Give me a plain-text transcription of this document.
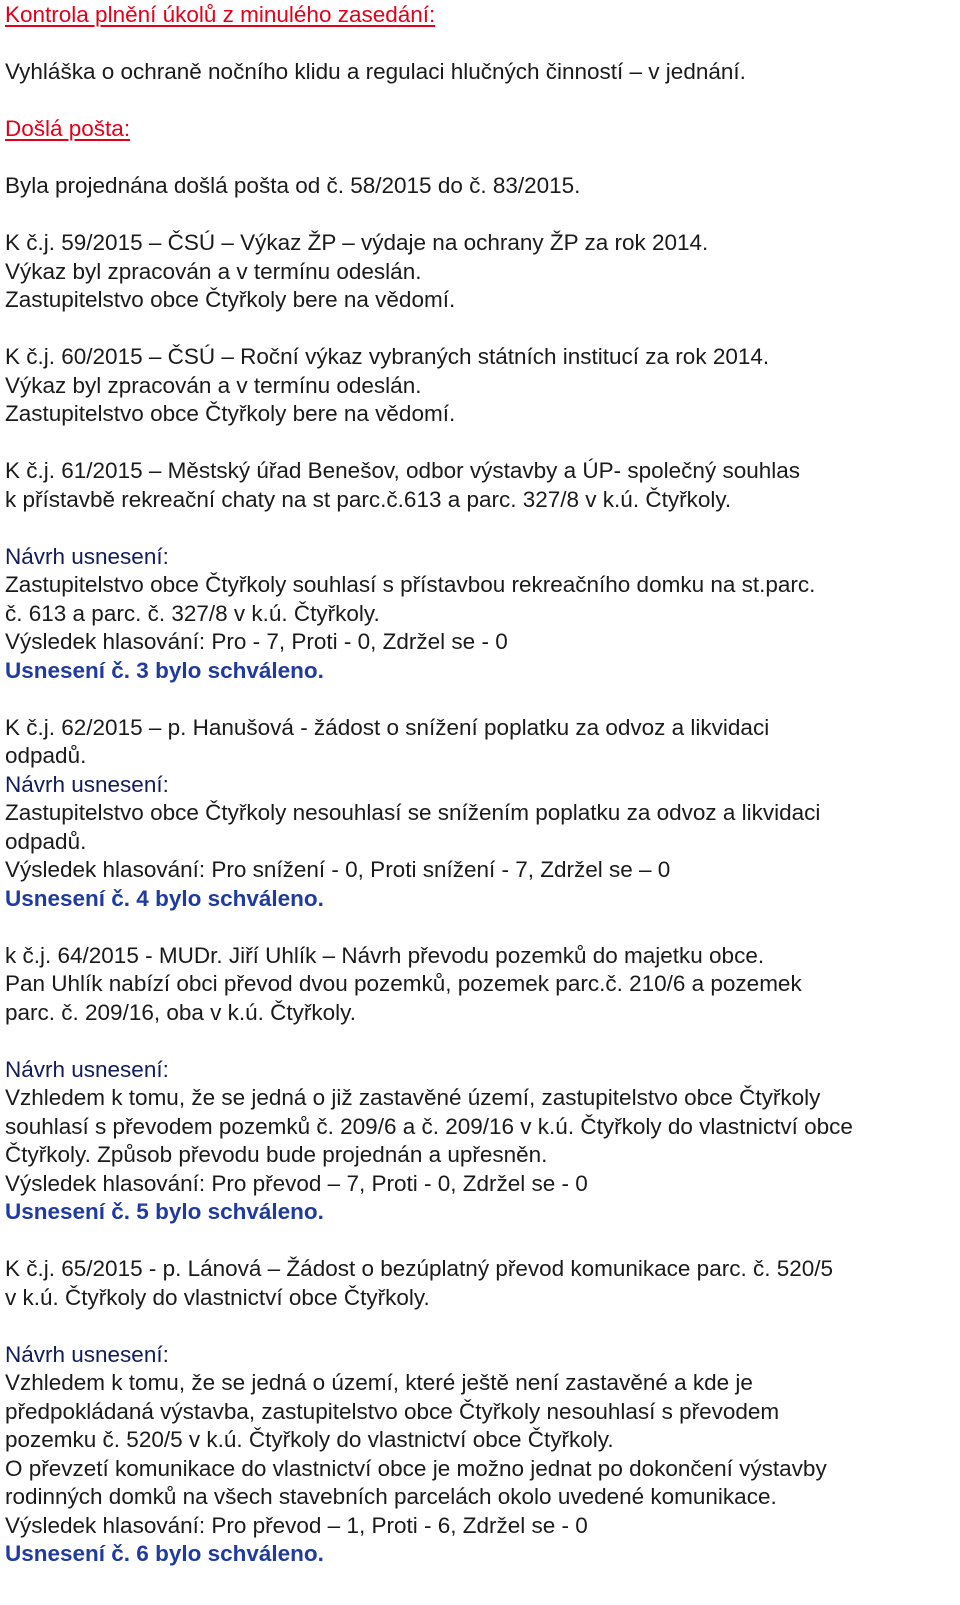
Kontrola plnění úkolů z minulého zasedání:
Vyhláška o ochraně nočního klidu a regulaci hlučných činností – v jednání.
Došlá pošta:
Byla projednána došlá pošta od č. 58/2015 do č. 83/2015.
K č.j. 59/2015 – ČSÚ – Výkaz ŽP – výdaje na ochrany ŽP za rok 2014.
Výkaz byl zpracován a v termínu odeslán.
Zastupitelstvo obce Čtyřkoly bere na vědomí.
K č.j. 60/2015 – ČSÚ – Roční výkaz vybraných státních institucí za rok 2014.
Výkaz byl zpracován a v termínu odeslán.
Zastupitelstvo obce Čtyřkoly bere na vědomí.
K č.j. 61/2015 – Městský úřad Benešov, odbor výstavby a ÚP- společný souhlas
k přístavbě rekreační chaty na st parc.č.613 a parc. 327/8 v k.ú. Čtyřkoly.
Návrh usnesení:
Zastupitelstvo obce Čtyřkoly souhlasí s přístavbou rekreačního domku na st.parc.
č. 613 a parc. č. 327/8 v k.ú. Čtyřkoly.
Výsledek hlasování: Pro - 7, Proti - 0, Zdržel se - 0
Usnesení č. 3 bylo schváleno.
K č.j. 62/2015 – p. Hanušová - žádost o snížení poplatku za odvoz a likvidaci
odpadů.
Návrh usnesení:
Zastupitelstvo obce Čtyřkoly nesouhlasí se snížením poplatku za odvoz a likvidaci
odpadů.
Výsledek hlasování: Pro snížení - 0, Proti snížení - 7, Zdržel se – 0
Usnesení č. 4 bylo schváleno.
k č.j. 64/2015 - MUDr. Jiří Uhlík – Návrh převodu pozemků do majetku obce.
Pan Uhlík nabízí obci převod dvou pozemků, pozemek parc.č. 210/6 a pozemek
parc. č. 209/16, oba v k.ú. Čtyřkoly.
Návrh usnesení:
Vzhledem k tomu, že se jedná o již zastavěné území, zastupitelstvo obce Čtyřkoly
souhlasí s převodem pozemků č. 209/6 a č. 209/16 v k.ú. Čtyřkoly do vlastnictví obce
Čtyřkoly. Způsob převodu bude projednán a upřesněn.
Výsledek hlasování: Pro převod – 7, Proti - 0, Zdržel se - 0
Usnesení č. 5 bylo schváleno.
K č.j. 65/2015 - p. Lánová – Žádost o bezúplatný převod komunikace parc. č. 520/5
v k.ú. Čtyřkoly do vlastnictví obce Čtyřkoly.
Návrh usnesení:
Vzhledem k tomu, že se jedná o území, které ještě není zastavěné a kde je
předpokládaná výstavba, zastupitelstvo obce Čtyřkoly nesouhlasí s převodem
pozemku č. 520/5 v k.ú. Čtyřkoly do vlastnictví obce Čtyřkoly.
O převzetí komunikace do vlastnictví obce je možno jednat po dokončení výstavby
rodinných domků na všech stavebních parcelách okolo uvedené komunikace.
Výsledek hlasování: Pro převod – 1, Proti - 6, Zdržel se - 0
Usnesení č. 6 bylo schváleno.
